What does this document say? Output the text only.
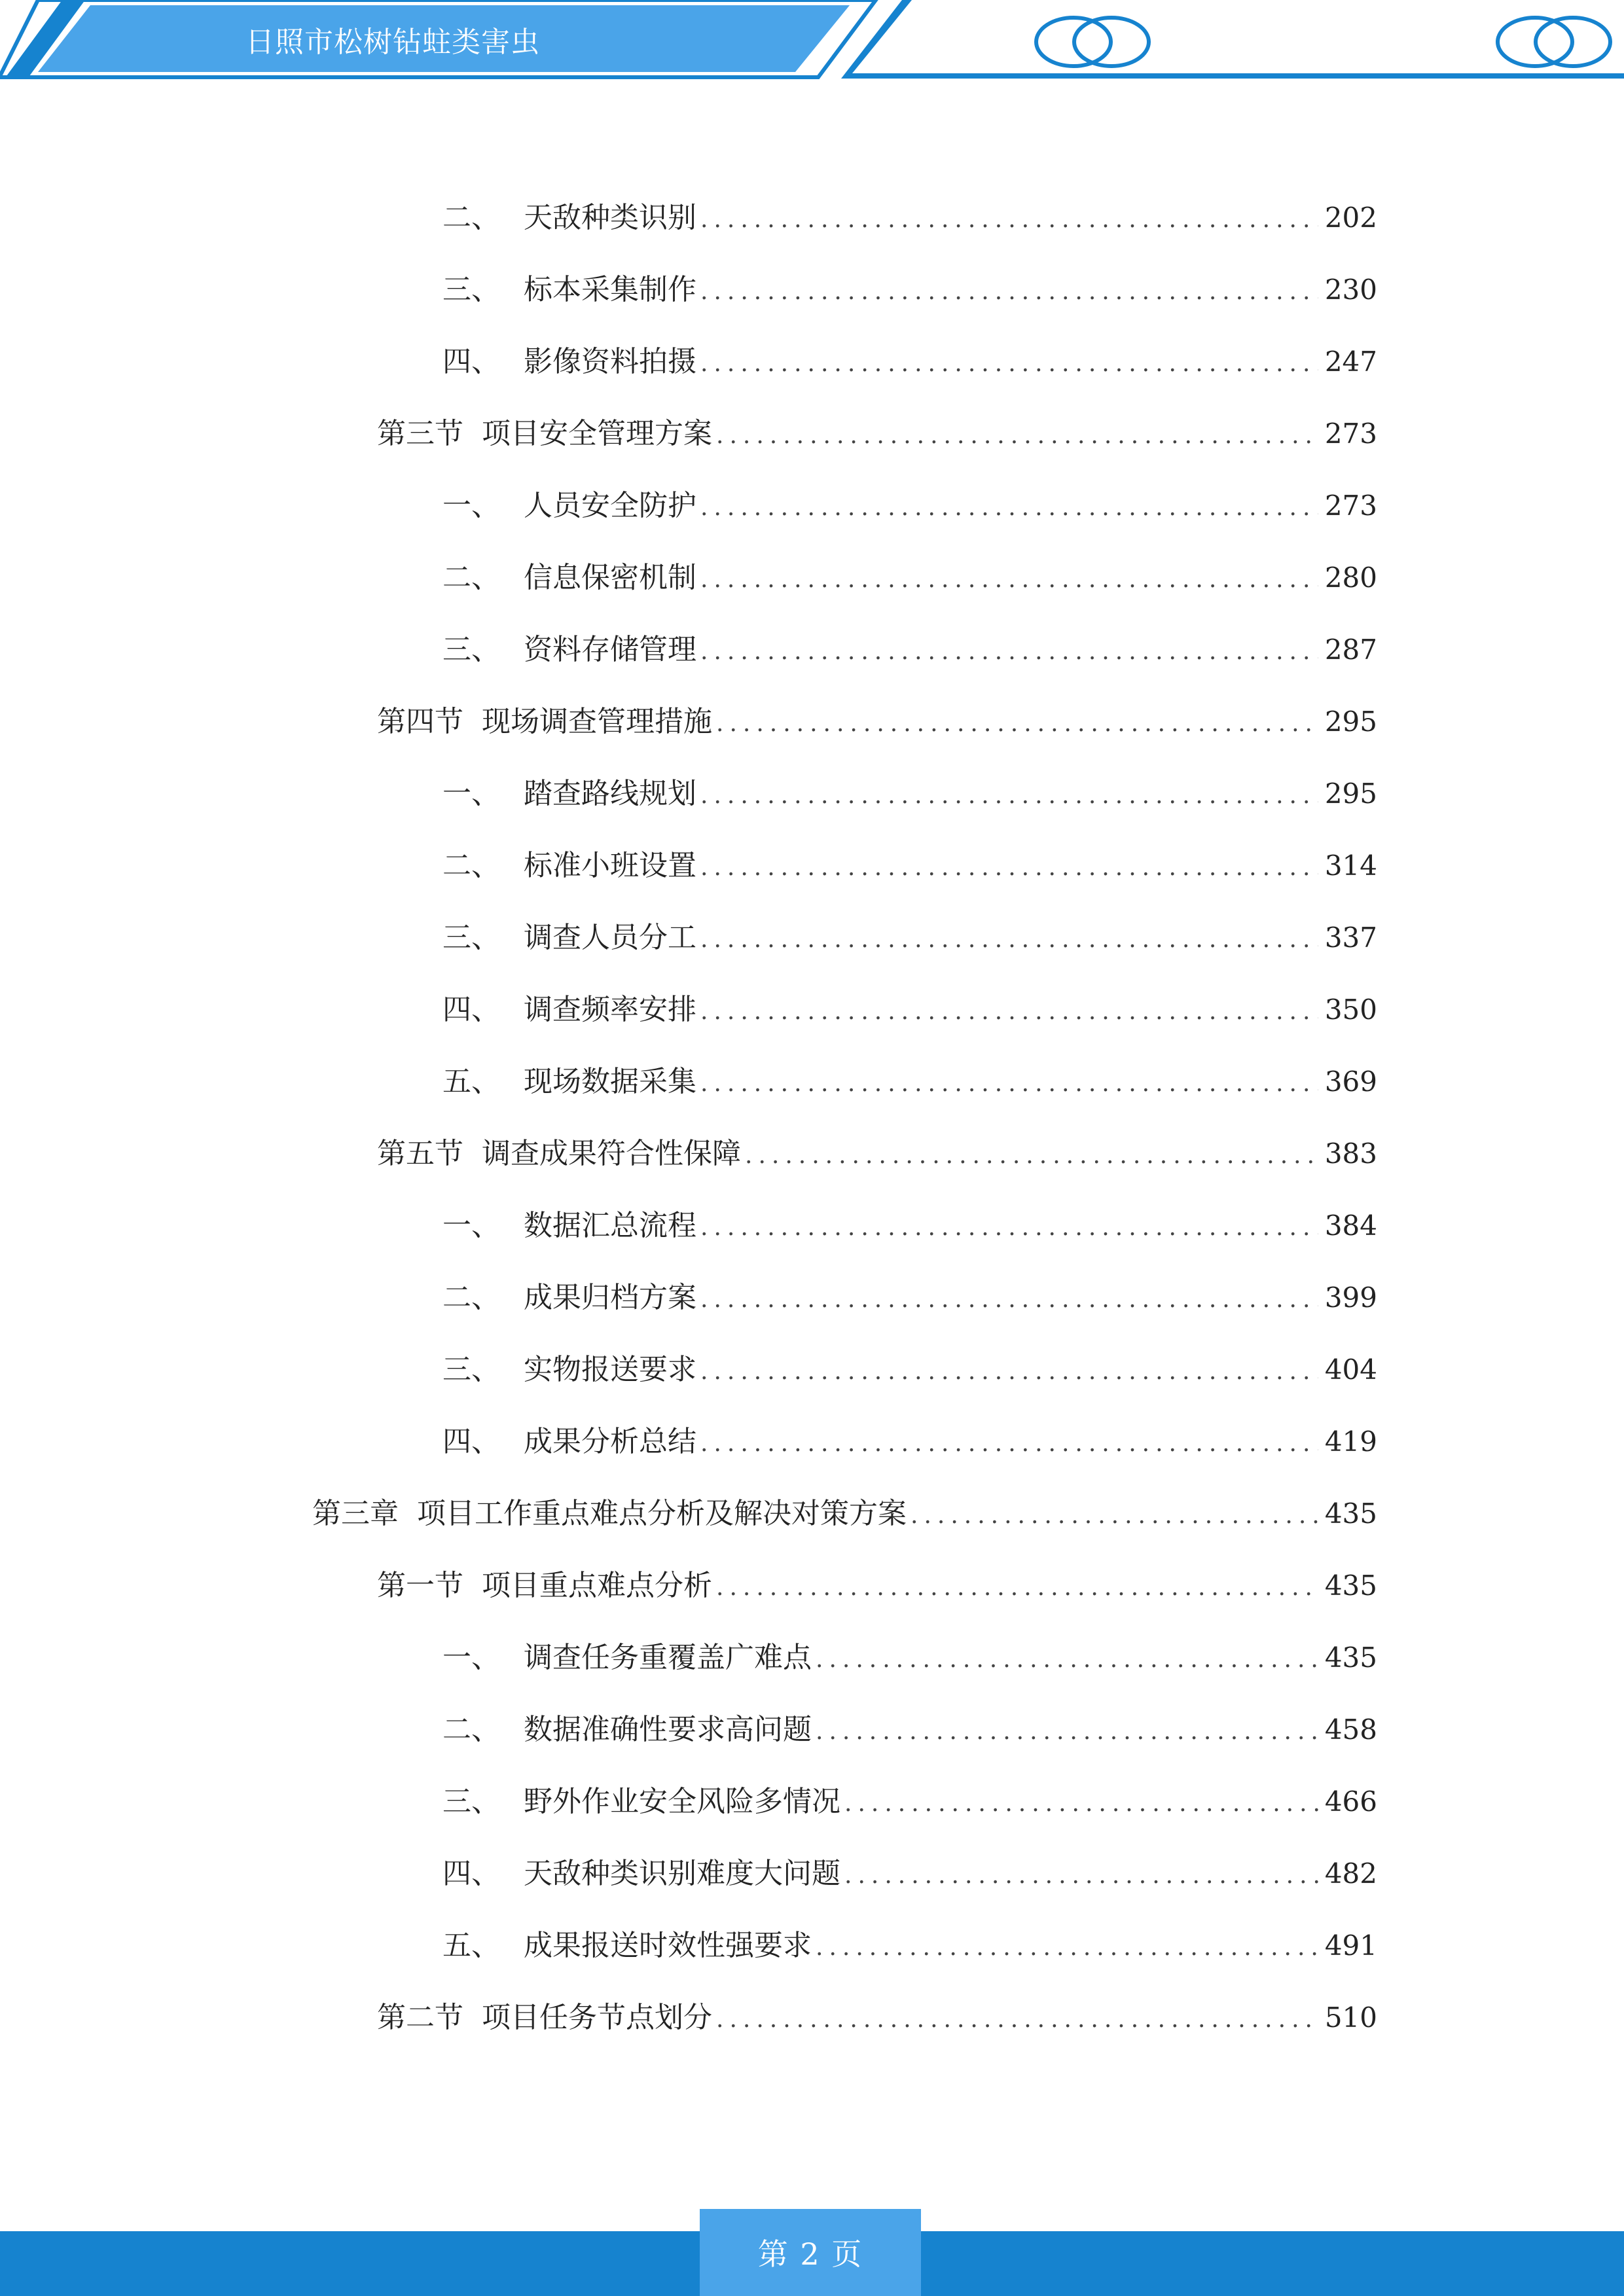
日照市松树钻蛀类害虫
二、 天敌种类识别 .....	202
三、 标本采集制作 .....	230
四、 影像资料拍摄 .....	247
第三节 项目安全管理方案 .....	273
一、 人员安全防护 .....	273
二、 信息保密机制 .....	280
三、 资料存储管理 .....	287
第四节 现场调查管理措施 .....	295
一、 踏查路线规划 .....	295
二、 标准小班设置 .....	314
三、 调查人员分工 .....	337
四、 调查频率安排 .....	350
五、 现场数据采集 .....	369
第五节 调查成果符合性保障 .....	383
一、 数据汇总流程 .....	384
二、 成果归档方案 .....	399
三、 实物报送要求 .....	404
四、 成果分析总结 .....	419
第三章 项目工作重点难点分析及解决对策方案 .....	435
第一节 项目重点难点分析 .....	435
一、 调查任务重覆盖广难点 .....	435
二、 数据准确性要求高问题 .....	458
三、 野外作业安全风险多情况 .....	466
四、 天敌种类识别难度大问题 .....	482
五、 成果报送时效性强要求 .....	491
第二节 项目任务节点划分 .....	510
第 2 页
